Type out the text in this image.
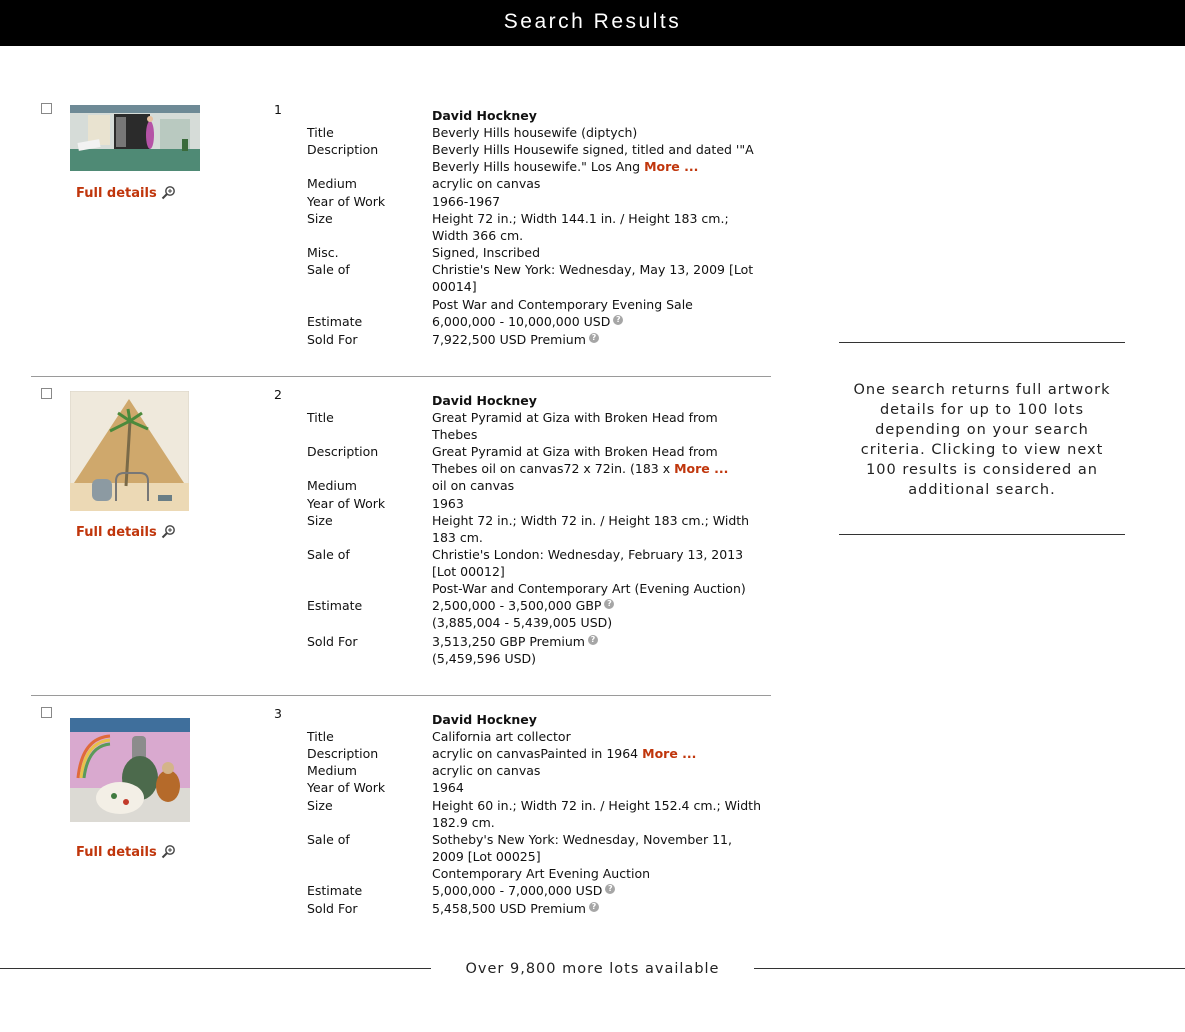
Search Results
Full details
1	David Hockney
Title	Beverly Hills housewife (diptych)
Description	Beverly Hills Housewife signed, titled and dated '"A Beverly Hills housewife." Los Ang More ...
Medium	acrylic on canvas
Year of Work	1966-1967
Size	Height 72 in.; Width 144.1 in. / Height 183 cm.; Width 366 cm.
Misc.	Signed, Inscribed
Sale of	Christie's New York: Wednesday, May 13, 2009 [Lot 00014]
Post War and Contemporary Evening Sale
Estimate	6,000,000 - 10,000,000 USD ?
Sold For	7,922,500 USD Premium ?
Full details
2	David Hockney
Title	Great Pyramid at Giza with Broken Head from Thebes
Description	Great Pyramid at Giza with Broken Head from Thebes oil on canvas72 x 72in. (183 x More ...
Medium	oil on canvas
Year of Work	1963
Size	Height 72 in.; Width 72 in. / Height 183 cm.; Width 183 cm.
Sale of	Christie's London: Wednesday, February 13, 2013 [Lot 00012]
Post-War and Contemporary Art (Evening Auction)
Estimate	2,500,000 - 3,500,000 GBP ?
(3,885,004 - 5,439,005 USD)
Sold For	3,513,250 GBP Premium ?
(5,459,596 USD)
Full details
3	David Hockney
Title	California art collector
Description	acrylic on canvasPainted in 1964 More ...
Medium	acrylic on canvas
Year of Work	1964
Size	Height 60 in.; Width 72 in. / Height 152.4 cm.; Width 182.9 cm.
Sale of	Sotheby's New York: Wednesday, November 11, 2009 [Lot 00025]
Contemporary Art Evening Auction
Estimate	5,000,000 - 7,000,000 USD ?
Sold For	5,458,500 USD Premium ?
One search returns full artwork details for up to 100 lots depending on your search criteria. Clicking to view next 100 results is considered an additional search.
Over 9,800 more lots available
